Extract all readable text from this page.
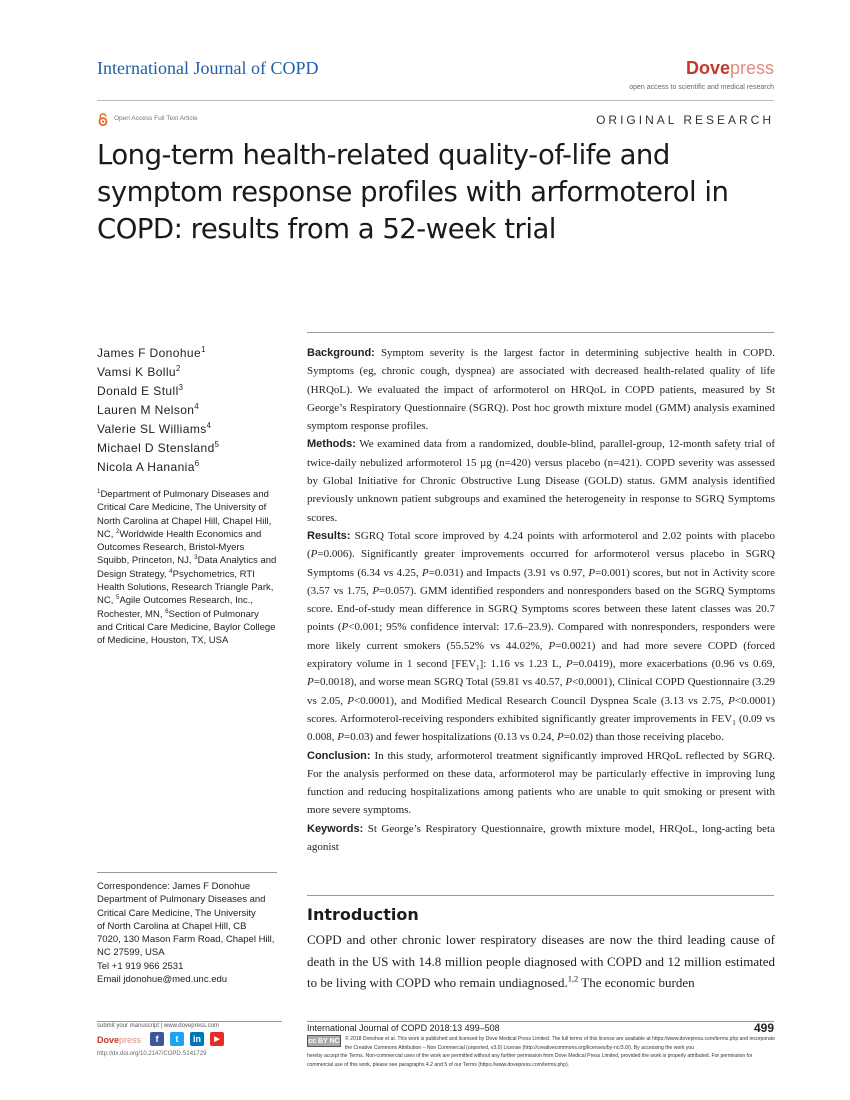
International Journal of COPD	Dovepress
open access to scientific and medical research
Open Access Full Text Article	ORIGINAL RESEARCH
Long-term health-related quality-of-life and symptom response profiles with arformoterol in COPD: results from a 52-week trial
James F Donohue$^1$
Vamsi K Bollu$^2$
Donald E Stull$^3$
Lauren M Nelson$^4$
Valerie SL Williams$^4$
Michael D Stensland$^5$
Nicola A Hanania$^6$
$^1$Department of Pulmonary Diseases and Critical Care Medicine, The University of North Carolina at Chapel Hill, Chapel Hill, NC, $^2$Worldwide Health Economics and Outcomes Research, Bristol-Myers Squibb, Princeton, NJ, $^3$Data Analytics and Design Strategy, $^4$Psychometrics, RTI Health Solutions, Research Triangle Park, NC, $^5$Agile Outcomes Research, Inc., Rochester, MN, $^6$Section of Pulmonary and Critical Care Medicine, Baylor College of Medicine, Houston, TX, USA
Correspondence: James F Donohue
Department of Pulmonary Diseases and
Critical Care Medicine, The University
of North Carolina at Chapel Hill, CB
7020, 130 Mason Farm Road, Chapel Hill,
NC 27599, USA
Tel +1 919 966 2531
Email jdonohue@med.unc.edu

Background: Symptom severity is the largest factor in determining subjective health in COPD. Symptoms (eg, chronic cough, dyspnea) are associated with decreased health-related quality of life (HRQoL). We evaluated the impact of arformoterol on HRQoL in COPD patients, measured by St George’s Respiratory Questionnaire (SGRQ). Post hoc growth mixture model (GMM) analysis examined symptom response profiles.

Methods: We examined data from a randomized, double-blind, parallel-group, 12-month safety trial of twice-daily nebulized arformoterol 15 µg (n=420) versus placebo (n=421). COPD severity was assessed by Global Initiative for Chronic Obstructive Lung Disease (GOLD) status. GMM analysis identified previously unknown patient subgroups and examined the heterogeneity in response to SGRQ Symptoms scores.

Results: SGRQ Total score improved by 4.24 points with arformoterol and 2.02 points with placebo (P=0.006). Significantly greater improvements occurred for arformoterol versus placebo in SGRQ Symptoms (6.34 vs 4.25, P=0.031) and Impacts (3.91 vs 0.97, P=0.001) scores, but not in Activity score (3.57 vs 1.75, P=0.057). GMM identified responders and nonresponders based on the SGRQ Symptoms score. End-of-study mean difference in SGRQ Symptoms scores between these latent classes was 20.7 points (P<0.001; 95% confidence interval: 17.6–23.9). Compared with nonresponders, responders were more likely current smokers (55.52% vs 44.02%, P=0.0021) and had more severe COPD (forced expiratory volume in 1 second $[FEV_1]$: 1.16 vs 1.23 L, P=0.0419), more exacerbations (0.96 vs 0.69, P=0.0018), and worse mean SGRQ Total (59.81 vs 40.57, P<0.0001), Clinical COPD Questionnaire (3.29 vs 2.05, P<0.0001), and Modified Medical Research Council Dyspnea Scale (3.13 vs 2.75, P<0.0001) scores. Arformoterol-receiving responders exhibited significantly greater improvements in $FEV_1$ (0.09 vs 0.008, P=0.03) and fewer hospitalizations (0.13 vs 0.24, P=0.02) than those receiving placebo.

Conclusion: In this study, arformoterol treatment significantly improved HRQoL reflected by SGRQ. For the analysis performed on these data, arformoterol may be particularly effective in improving lung function and reducing hospitalizations among patients who are unable to quit smoking or present with more severe symptoms.

Keywords: St George’s Respiratory Questionnaire, growth mixture model, HRQoL, long-acting beta agonist

Introduction
COPD and other chronic lower respiratory diseases are now the third leading cause of death in the US with 14.8 million people diagnosed with COPD and 12 million estimated to be living with COPD who remain undiagnosed.$^{1,2}$ The economic burden
submit your manuscript | www.dovepress.com
Dovepress	f	t	in	▶
http://dx.doi.org/10.2147/COPD.S141729
International Journal of COPD 2018:13 499–508	499
cc BY NC © 2018 Donohue et al. This work is published and licensed by Dove Medical Press Limited. The full terms of this license are available at https://www.dovepress.com/terms.php and incorporate the Creative Commons Attribution – Non Commercial (unported, v3.0) License (http://creativecommons.org/licenses/by-nc/3.0/). By accessing the work you
hereby accept the Terms. Non-commercial uses of the work are permitted without any further permission from Dove Medical Press Limited, provided the work is properly attributed. For permission for commercial use of this work, please see paragraphs 4.2 and 5 of our Terms (https://www.dovepress.com/terms.php).
